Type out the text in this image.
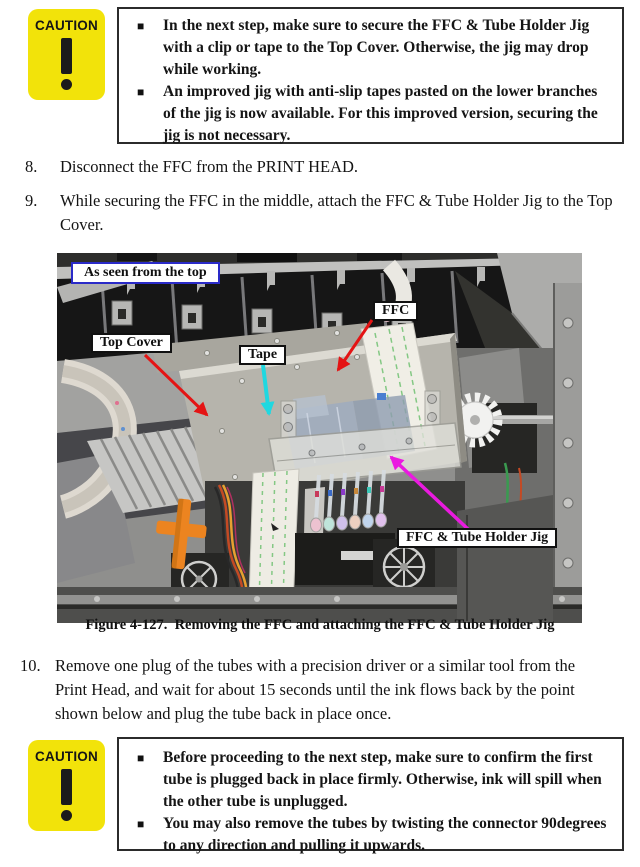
CAUTION	■	In the next step, make sure to secure the FFC & Tube Holder Jig with a clip or tape to the Top Cover. Otherwise, the jig may drop while working.
■	An improved jig with anti-slip tapes pasted on the lower branches of the jig is now available. For this improved version, securing the jig is not necessary.
8.	Disconnect the FFC from the PRINT HEAD.
9.	While securing the FFC in the middle, attach the FFC & Tube Holder Jig to the Top Cover.
As seen from the top
FFC
Top Cover
Tape
FFC & Tube Holder Jig
Figure 4-127.  Removing the FFC and attaching the FFC & Tube Holder Jig
10. Remove one plug of the tubes with a precision driver or a similar tool from the Print Head, and wait for about 15 seconds until the ink flows back by the point shown below and plug the tube back in place once.
CAUTION	■	Before proceeding to the next step, make sure to confirm the first tube is plugged back in place firmly. Otherwise, ink will spill when the other tube is unplugged.
■	You may also remove the tubes by twisting the connector 90degrees to any direction and pulling it upwards.
